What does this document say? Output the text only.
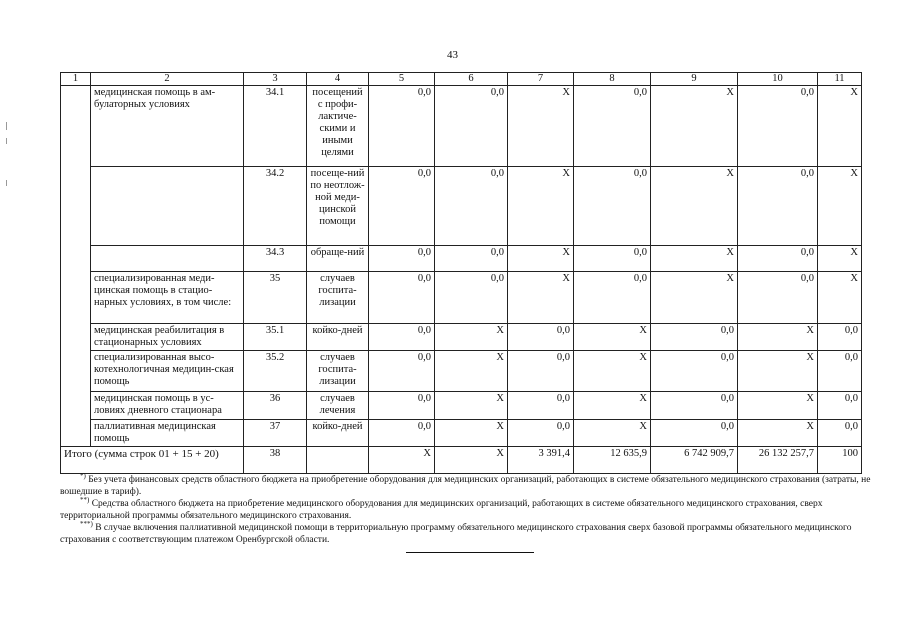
43
1	2	3	4	5	6	7	8	9	10	11
	медицинская помощь в ам-булаторных условиях	34.1	посещений с профи-лактиче-скими и иными целями	0,0	0,0	X	0,0	X	0,0	X
		34.2	посеще-ний по неотлож-ной меди-цинской помощи	0,0	0,0	X	0,0	X	0,0	X
		34.3	обраще-ний	0,0	0,0	X	0,0	X	0,0	X
	специализированная меди-цинская помощь в стацио-нарных условиях, в том числе:	35	случаев госпита-лизации	0,0	0,0	X	0,0	X	0,0	X
	медицинская реабилитация в стационарных условиях	35.1	койко-дней	0,0	X	0,0	X	0,0	X	0,0
	специализированная высо-котехнологичная медицин-ская помощь	35.2	случаев госпита-лизации	0,0	X	0,0	X	0,0	X	0,0
	медицинская помощь в ус-ловиях дневного стационара	36	случаев лечения	0,0	X	0,0	X	0,0	X	0,0
	паллиативная медицинская помощь	37	койко-дней	0,0	X	0,0	X	0,0	X	0,0
Итого (сумма строк 01 + 15 + 20)		38		X	X	3 391,4	12 635,9	6 742 909,7	26 132 257,7	100

*) Без учета финансовых средств областного бюджета на приобретение оборудования для медицинских организаций, работающих в системе обязательного медицинского страхования (затраты, не вошедшие в тариф).

**) Средства областного бюджета на приобретение медицинского оборудования для медицинских организаций, работающих в системе обязательного медицинского страхования, сверх территориальной программы обязательного медицинского страхования.

***) В случае включения паллиативной медицинской помощи в территориальную программу обязательного медицинского страхования сверх базовой программы обязательного медицинского страхования с соответствующим платежом Оренбургской области.
